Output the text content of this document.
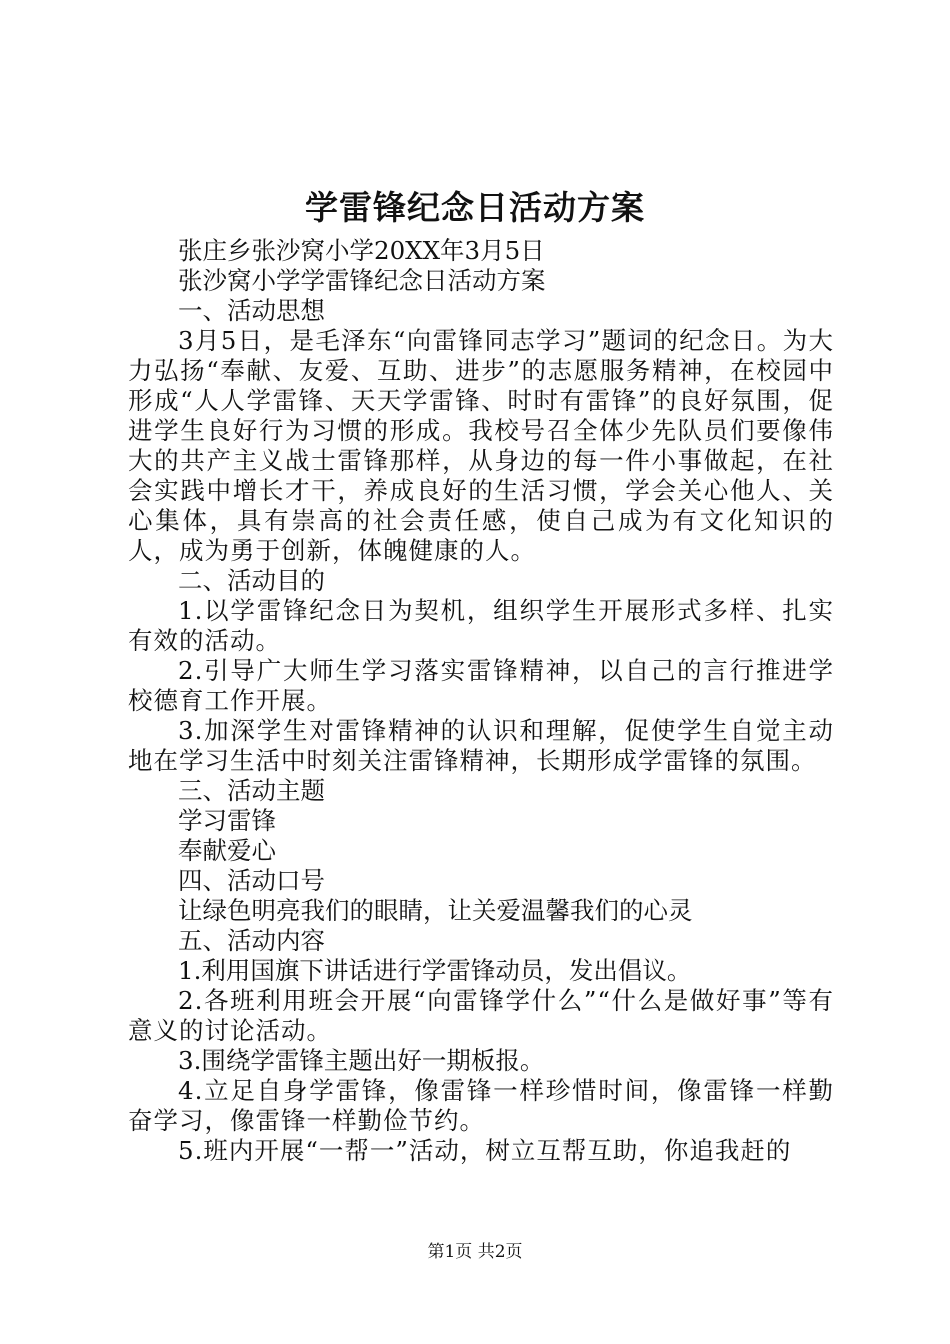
学雷锋纪念日活动方案

张庄乡张沙窝小学20XX年3月5日

张沙窝小学学雷锋纪念日活动方案

一、活动思想

3月5日，是毛泽东“向雷锋同志学习”题词的纪念日。为大力弘扬“奉献、友爱、互助、进步”的志愿服务精神，在校园中形成“人人学雷锋、天天学雷锋、时时有雷锋”的良好氛围，促进学生良好行为习惯的形成。我校号召全体少先队员们要像伟大的共产主义战士雷锋那样，从身边的每一件小事做起，在社会实践中增长才干，养成良好的生活习惯，学会关心他人、关心集体，具有崇高的社会责任感，使自己成为有文化知识的人，成为勇于创新，体魄健康的人。

二、活动目的

1.以学雷锋纪念日为契机，组织学生开展形式多样、扎实有效的活动。

2.引导广大师生学习落实雷锋精神，以自己的言行推进学校德育工作开展。

3.加深学生对雷锋精神的认识和理解，促使学生自觉主动地在学习生活中时刻关注雷锋精神，长期形成学雷锋的氛围。

三、活动主题

学习雷锋

奉献爱心

四、活动口号

让绿色明亮我们的眼睛，让关爱温馨我们的心灵

五、活动内容

1.利用国旗下讲话进行学雷锋动员，发出倡议。

2.各班利用班会开展“向雷锋学什么”“什么是做好事”等有意义的讨论活动。

3.围绕学雷锋主题出好一期板报。

4.立足自身学雷锋，像雷锋一样珍惜时间，像雷锋一样勤奋学习，像雷锋一样勤俭节约。

5.班内开展“一帮一”活动，树立互帮互助，你追我赶的

第1页 共2页
